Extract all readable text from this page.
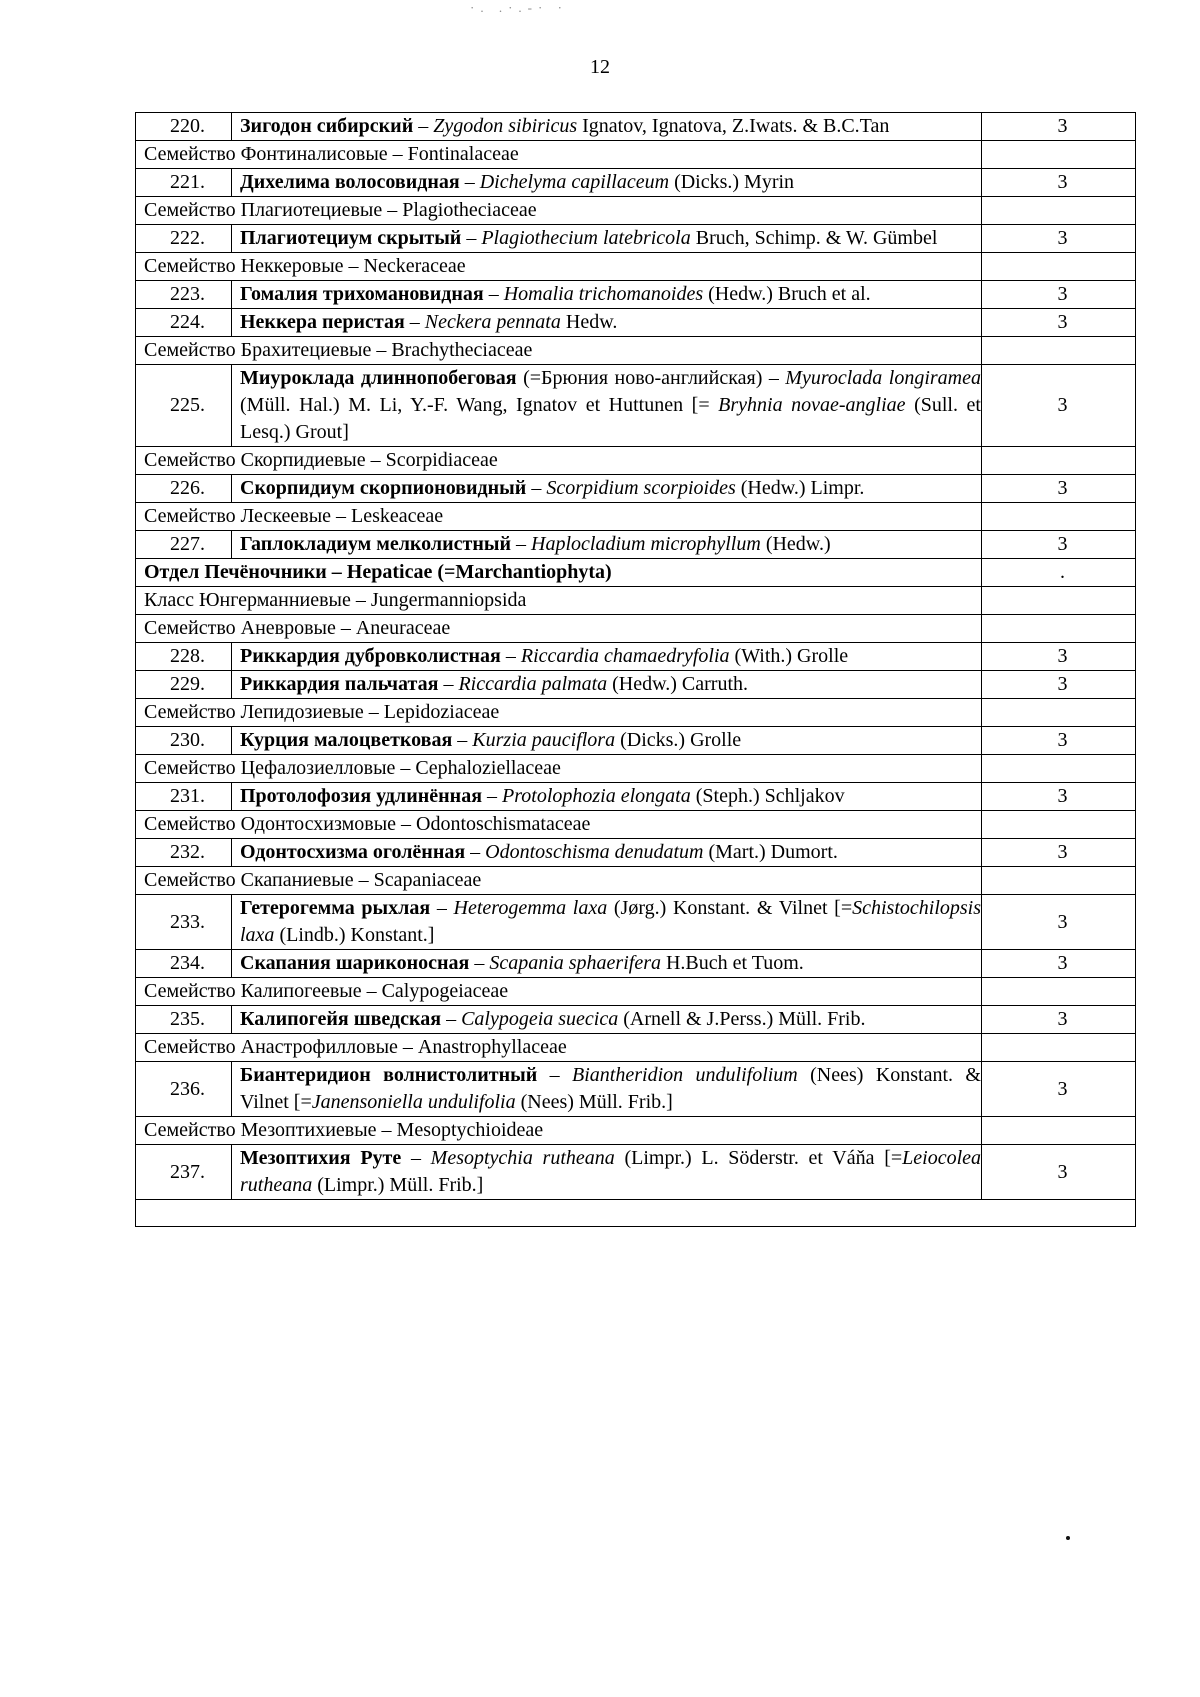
·. .·.-· ·
12
220.	Зигодон сибирский – Zygodon sibiricus Ignatov, Ignatova, Z.Iwats. & B.C.Tan	3
Семейство Фонтиналисовые – Fontinalaceae		
221.	Дихелима волосовидная – Dichelyma capillaceum (Dicks.) Myrin	3
Семейство Плагиотециевые – Plagiotheciaceae		
222.	Плагиотециум скрытый – Plagiothecium latebricola Bruch, Schimp. & W. Gümbel	3
Семейство Неккеровые – Neckeraceae		
223.	Гомалия трихомановидная – Homalia trichomanoides (Hedw.) Bruch et al.	3
224.	Неккера перистая – Neckera pennata Hedw.	3
Семейство Брахитециевые – Brachytheciaceae		
225.	Миуроклада длиннопобеговая (=Брюния ново-английская) – Myuroclada longiramea (Müll. Hal.) M. Li, Y.-F. Wang, Ignatov et Huttunen [= Bryhnia novae-angliae (Sull. et Lesq.) Grout]	3
Семейство Скорпидиевые – Scorpidiaceae		
226.	Скорпидиум скорпионовидный – Scorpidium scorpioides (Hedw.) Limpr.	3
Семейство Лескеевые – Leskeaceae		
227.	Гаплокладиум мелколистный – Haplocladium microphyllum (Hedw.)	3
Отдел Печёночники – Hepaticae (=Marchantiophyta)		.
Класс Юнгерманниевые – Jungermanniopsida		
Семейство Аневровые – Aneuraceae		
228.	Риккардия дубровколистная – Riccardia chamaedryfolia (With.) Grolle	3
229.	Риккардия пальчатая – Riccardia palmata (Hedw.) Carruth.	3
Семейство Лепидозиевые – Lepidoziaceae		
230.	Курция малоцветковая – Kurzia pauciflora (Dicks.) Grolle	3
Семейство Цефалозиелловые – Cephaloziellaceae		
231.	Протолофозия удлинённая – Protolophozia elongata (Steph.) Schljakov	3
Семейство Одонтосхизмовые – Odontoschismataceae		
232.	Одонтосхизма оголённая – Odontoschisma denudatum (Mart.) Dumort.	3
Семейство Скапаниевые – Scapaniaceae		
233.	Гетерогемма рыхлая – Heterogemma laxa (Jørg.) Konstant. & Vilnet [=Schistochilopsis laxa (Lindb.) Konstant.]	3
234.	Скапания шариконосная – Scapania sphaerifera H.Buch et Tuom.	3
Семейство Калипогеевые – Calypogeiaceae		
235.	Калипогейя шведская – Calypogeia suecica (Arnell & J.Perss.) Müll. Frib.	3
Семейство Анастрофилловые – Anastrophyllaceae		
236.	Биантеридион волнистолитный – Biantheridion undulifolium (Nees) Konstant. & Vilnet [=Janensoniella undulifolia (Nees) Müll. Frib.]	3
Семейство Мезоптихиевые – Mesoptychioideae		
237.	Мезоптихия Руте – Mesoptychia rutheana (Limpr.) L. Söderstr. et Váňa [=Leiocolea rutheana (Limpr.) Müll. Frib.]	3
